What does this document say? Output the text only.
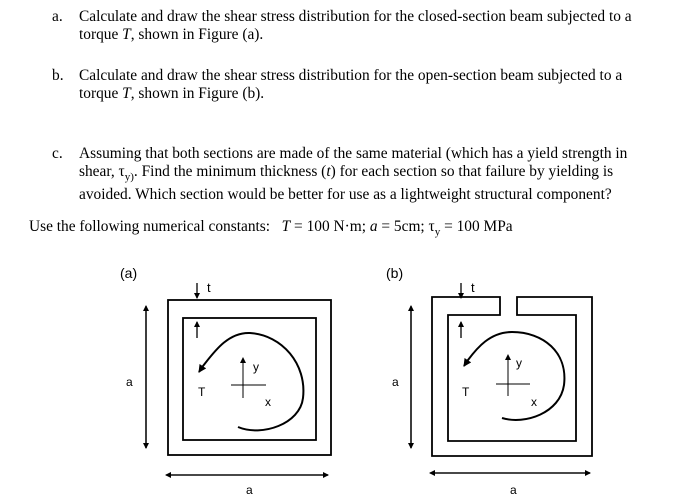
a. Calculate and draw the shear stress distribution for the closed-section beam subjected to a
torque T, shown in Figure (a).
b. Calculate and draw the shear stress distribution for the open-section beam subjected to a
torque T, shown in Figure (b).
c. Assuming that both sections are made of the same material (which has a yield strength in
shear, $\tau_{y)}$. Find the minimum thickness (t) for each section so that failure by yielding is
avoided. Which section would be better for use as a lightweight structural component?
Use the following numerical constants: T = 100 N·m; a = 5cm; $\tau_y = 100$ MPa
(a)
t
a
a
T
y
x
(b)
t
a
a
T
y
x
